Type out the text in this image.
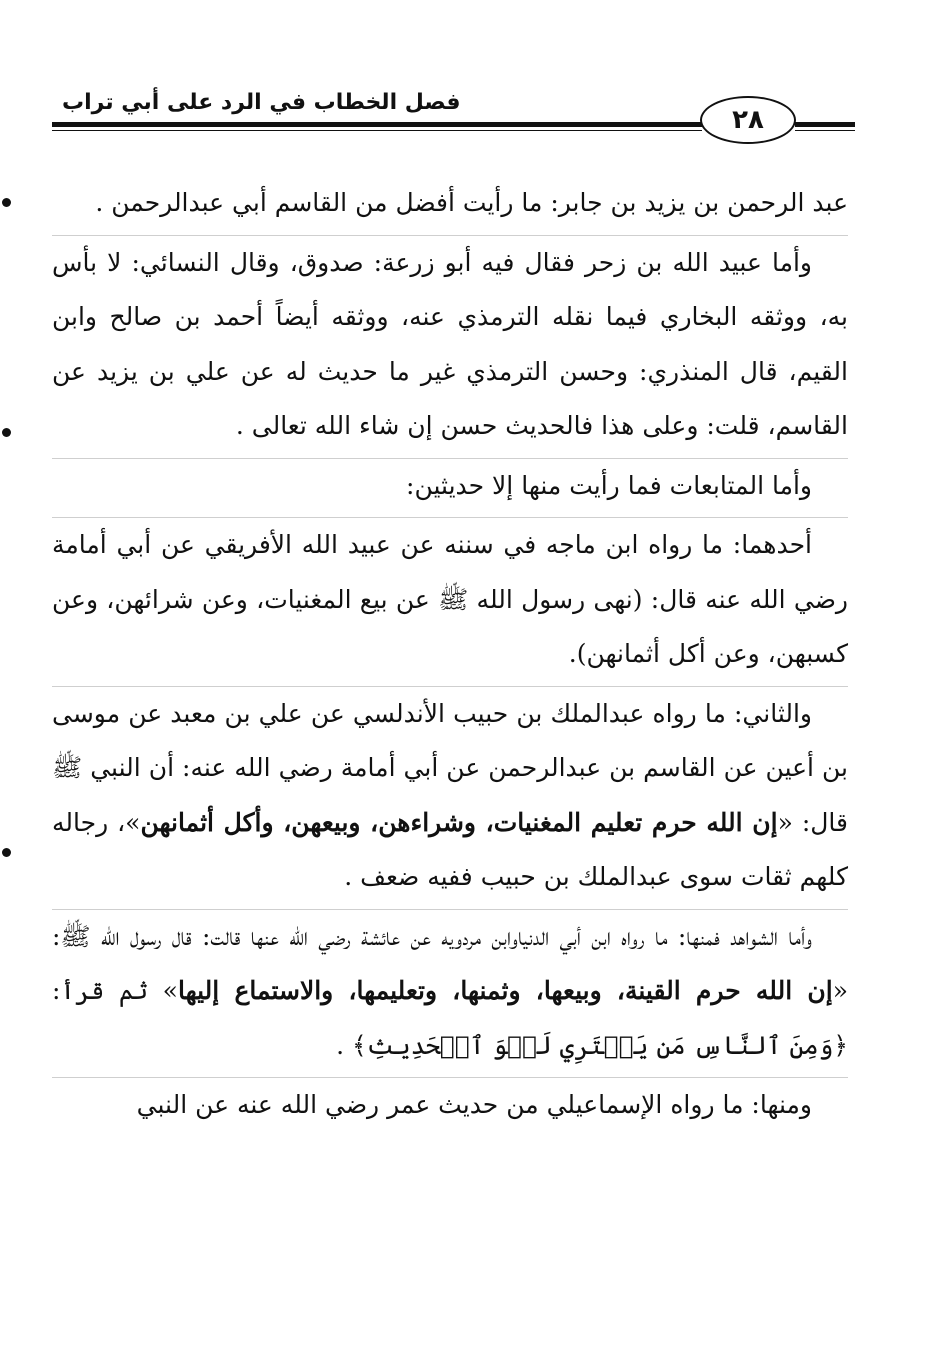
فصل الخطاب في الرد على أبي تراب
٢٨

عبد الرحمن بن يزيد بن جابر: ما رأيت أفضل من القاسم أبي عبدالرحمن .

وأما عبيد الله بن زحر فقال فيه أبو زرعة: صدوق، وقال النسائي: لا بأس به، ووثقه البخاري فيما نقله الترمذي عنه، ووثقه أيضاً أحمد بن صالح وابن القيم، قال المنذري: وحسن الترمذي غير ما حديث له عن علي بن يزيد عن القاسم، قلت: وعلى هذا فالحديث حسن إن شاء الله تعالى .

وأما المتابعات فما رأيت منها إلا حديثين:

أحدهما: ما رواه ابن ماجه في سننه عن عبيد الله الأفريقي عن أبي أمامة رضي الله عنه قال: (نهى رسول الله ﷺ عن بيع المغنيات، وعن شرائهن، وعن كسبهن، وعن أكل أثمانهن).

والثاني: ما رواه عبدالملك بن حبيب الأندلسي عن علي بن معبد عن موسى بن أعين عن القاسم بن عبدالرحمن عن أبي أمامة رضي الله عنه: أن النبي ﷺ قال: «إن الله حرم تعليم المغنيات، وشراءهن، وبيعهن، وأكل أثمانهن»، رجاله كلهم ثقات سوى عبدالملك بن حبيب ففيه ضعف .

وأما الشواهد فمنها: ما رواه ابن أبي الدنياوابن مردويه عن عائشة رضي الله عنها قالت: قال رسول الله ﷺ: «إن الله حرم القينة، وبيعها، وثمنها، وتعليمها، والاستماع إليها» ثم قرأ: ﴿وَمِنَ ٱلنَّاسِ مَن يَشۡتَرِي لَهۡوَ ٱلۡحَدِيثِ﴾ .

ومنها: ما رواه الإسماعيلي من حديث عمر رضي الله عنه عن النبي
